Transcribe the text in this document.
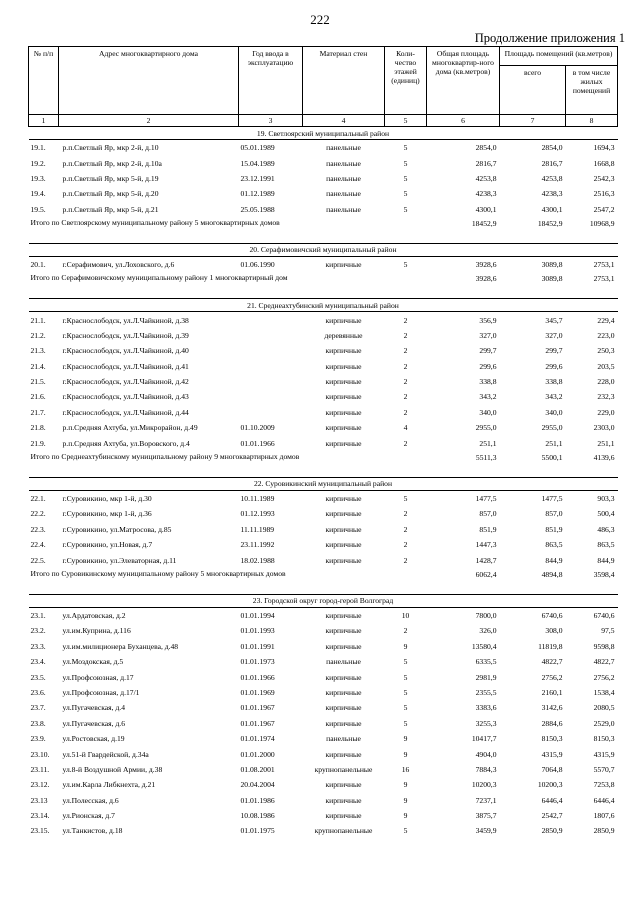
222
Продолжение приложения 1
№ п/п	Адрес многоквартирного дома	Год ввода в эксплуатацию	Материал стен	Коли-чество этажей (единиц)	Общая площадь многоквартир-ного дома (кв.метров)	Площадь помещений (кв.метров)	
						всего	в том числе жилых помещений
1	2	3	4	5	6	7	8
19. Светлоярский муниципальный район							
19.1.	р.п.Светлый Яр, мкр 2-й, д.10	05.01.1989	панельные	5	2854,0	2854,0	1694,3
19.2.	р.п.Светлый Яр, мкр 2-й, д.10а	15.04.1989	панельные	5	2816,7	2816,7	1668,8
19.3.	р.п.Светлый Яр, мкр 5-й, д.19	23.12.1991	панельные	5	4253,8	4253,8	2542,3
19.4.	р.п.Светлый Яр, мкр 5-й, д.20	01.12.1989	панельные	5	4238,3	4238,3	2516,3
19.5.	р.п.Светлый Яр, мкр 5-й, д.21	25.05.1988	панельные	5	4300,1	4300,1	2547,2
Итого по Светлоярскому муниципальному району 5 многоквартирных домов					18452,9	18452,9	10968,9
20. Серафимовичский муниципальный район							
20.1.	г.Серафимович, ул.Лоховского, д.6	01.06.1990	кирпичные	5	3928,6	3089,8	2753,1
Итого по Серафимовичскому муниципальному району 1 многоквартирный дом					3928,6	3089,8	2753,1
21. Среднеахтубинский муниципальный район							
21.1.	г.Краснослободск, ул.Л.Чайкиной, д.38		кирпичные	2	356,9	345,7	229,4
21.2.	г.Краснослободск, ул.Л.Чайкиной, д.39		деревянные	2	327,0	327,0	223,0
21.3.	г.Краснослободск, ул.Л.Чайкиной, д.40		кирпичные	2	299,7	299,7	250,3
21.4.	г.Краснослободск, ул.Л.Чайкиной, д.41		кирпичные	2	299,6	299,6	203,5
21.5.	г.Краснослободск, ул.Л.Чайкиной, д.42		кирпичные	2	338,8	338,8	228,0
21.6.	г.Краснослободск, ул.Л.Чайкиной, д.43		кирпичные	2	343,2	343,2	232,3
21.7.	г.Краснослободск, ул.Л.Чайкиной, д.44		кирпичные	2	340,0	340,0	229,0
21.8.	р.п.Средняя Ахтуба, ул.Микрорайон, д.49	01.10.2009	кирпичные	4	2955,0	2955,0	2303,0
21.9.	р.п.Средняя Ахтуба, ул.Воровского, д.4	01.01.1966	кирпичные	2	251,1	251,1	251,1
Итого по Среднеахтубинскому муниципальному району 9 многоквартирных домов					5511,3	5500,1	4139,6
22. Суровикинский муниципальный район							
22.1.	г.Суровикино, мкр 1-й, д.30	10.11.1989	кирпичные	5	1477,5	1477,5	903,3
22.2.	г.Суровикино, мкр 1-й, д.36	01.12.1993	кирпичные	2	857,0	857,0	500,4
22.3.	г.Суровикино, ул.Матросова, д.85	11.11.1989	кирпичные	2	851,9	851,9	486,3
22.4.	г.Суровикино, ул.Новая, д.7	23.11.1992	кирпичные	2	1447,3	863,5	863,5
22.5.	г.Суровикино, ул.Элеваторная, д.11	18.02.1988	кирпичные	2	1428,7	844,9	844,9
Итого по Суровикинскому муниципальному району 5 многоквартирных домов					6062,4	4894,8	3598,4
23. Городской округ город-герой Волгоград							
23.1.	ул.Ардатовская, д.2	01.01.1994	кирпичные	10	7800,0	6740,6	6740,6
23.2.	ул.им.Куприна, д.116	01.01.1993	кирпичные	2	326,0	308,0	97,5
23.3.	ул.им.милиционера Буханцева, д.48	01.01.1991	кирпичные	9	13580,4	11819,8	9598,8
23.4.	ул.Моздокская, д.5	01.01.1973	панельные	5	6335,5	4822,7	4822,7
23.5.	ул.Профсоюзная, д.17	01.01.1966	кирпичные	5	2981,9	2756,2	2756,2
23.6.	ул.Профсоюзная, д.17/1	01.01.1969	кирпичные	5	2355,5	2160,1	1538,4
23.7.	ул.Пугачевская, д.4	01.01.1967	кирпичные	5	3383,6	3142,6	2080,5
23.8.	ул.Пугачевская, д.6	01.01.1967	кирпичные	5	3255,3	2884,6	2529,0
23.9.	ул.Ростовская, д.19	01.01.1974	панельные	9	10417,7	8150,3	8150,3
23.10.	ул.51-й Гвардейской, д.34а	01.01.2000	кирпичные	9	4904,0	4315,9	4315,9
23.11.	ул.8-й Воздушной Армии, д.38	01.08.2001	крупнопанельные	16	7884,3	7064,8	5570,7
23.12.	ул.им.Карла Либкнехта, д.21	20.04.2004	кирпичные	9	10200,3	10200,3	7253,8
23.13	ул.Полесская, д.6	01.01.1986	кирпичные	9	7237,1	6446,4	6446,4
23.14.	ул.Рионская, д.7	10.08.1986	кирпичные	9	3875,7	2542,7	1807,6
23.15.	ул.Танкистов, д.18	01.01.1975	крупнопанельные	5	3459,9	2850,9	2850,9
